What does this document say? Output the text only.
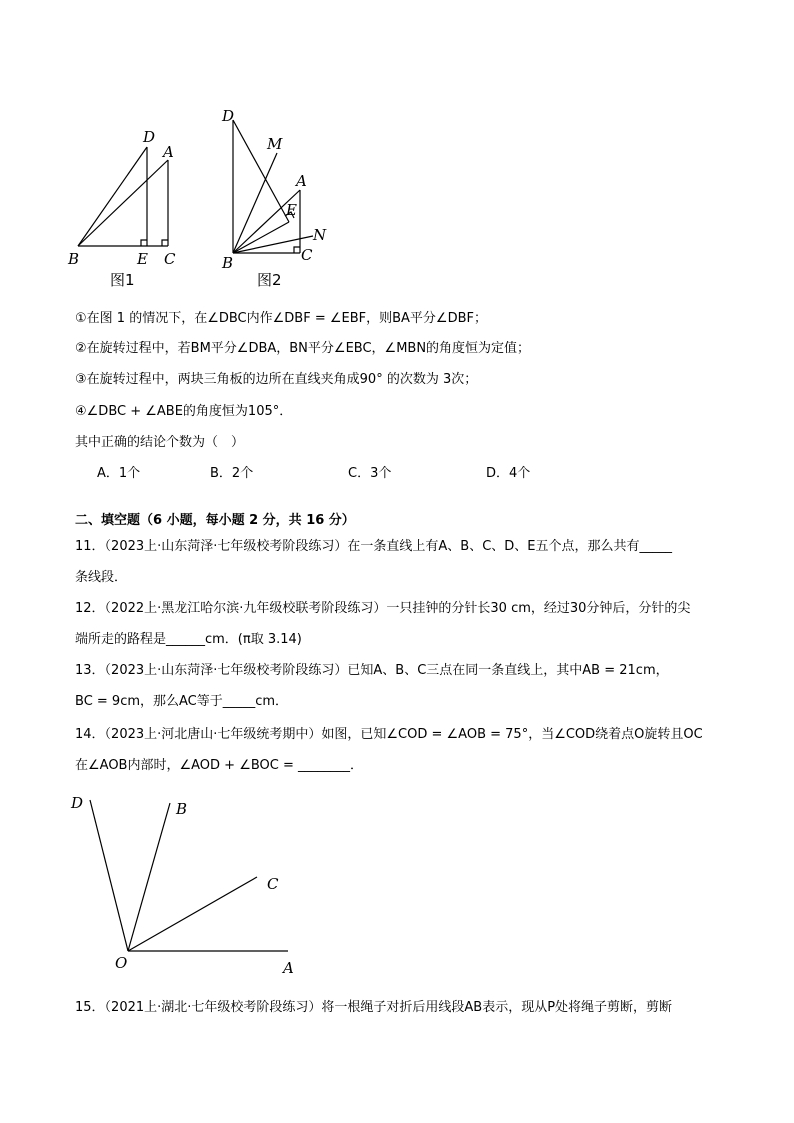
D
A
B	E C
图1
D
M
A
E
N
B	C
图2
①在图 1 的情况下，在∠DBC内作∠DBF = ∠EBF，则BA平分∠DBF；
②在旋转过程中，若BM平分∠DBA，BN平分∠EBC，∠MBN的角度恒为定值；
③在旋转过程中，两块三角板的边所在直线夹角成90° 的次数为 3次；
④∠DBC + ∠ABE的角度恒为105°．
其中正确的结论个数为（　）
A．1个	B．2个	C．3个	D．4个
二、填空题（6 小题，每小题 2 分，共 16 分）
11．（2023上·山东菏泽·七年级校考阶段练习）在一条直线上有A、B、C、D、E五个点，那么共有_____
条线段．
12．（2022上·黑龙江哈尔滨·九年级校联考阶段练习）一只挂钟的分针长30 cm，经过30分钟后，分针的尖
端所走的路程是______cm．(π取 3.14)
13．（2023上·山东菏泽·七年级校考阶段练习）已知A、B、C三点在同一条直线上，其中AB = 21cm，
BC = 9cm，那么AC等于_____cm．
14．（2023上·河北唐山·七年级统考期中）如图，已知∠COD = ∠AOB = 75°，当∠COD绕着点O旋转且OC
在∠AOB内部时，∠AOD + ∠BOC = ________．
D	B
C
O	A
15．（2021上·湖北·七年级校考阶段练习）将一根绳子对折后用线段AB表示，现从P处将绳子剪断，剪断
